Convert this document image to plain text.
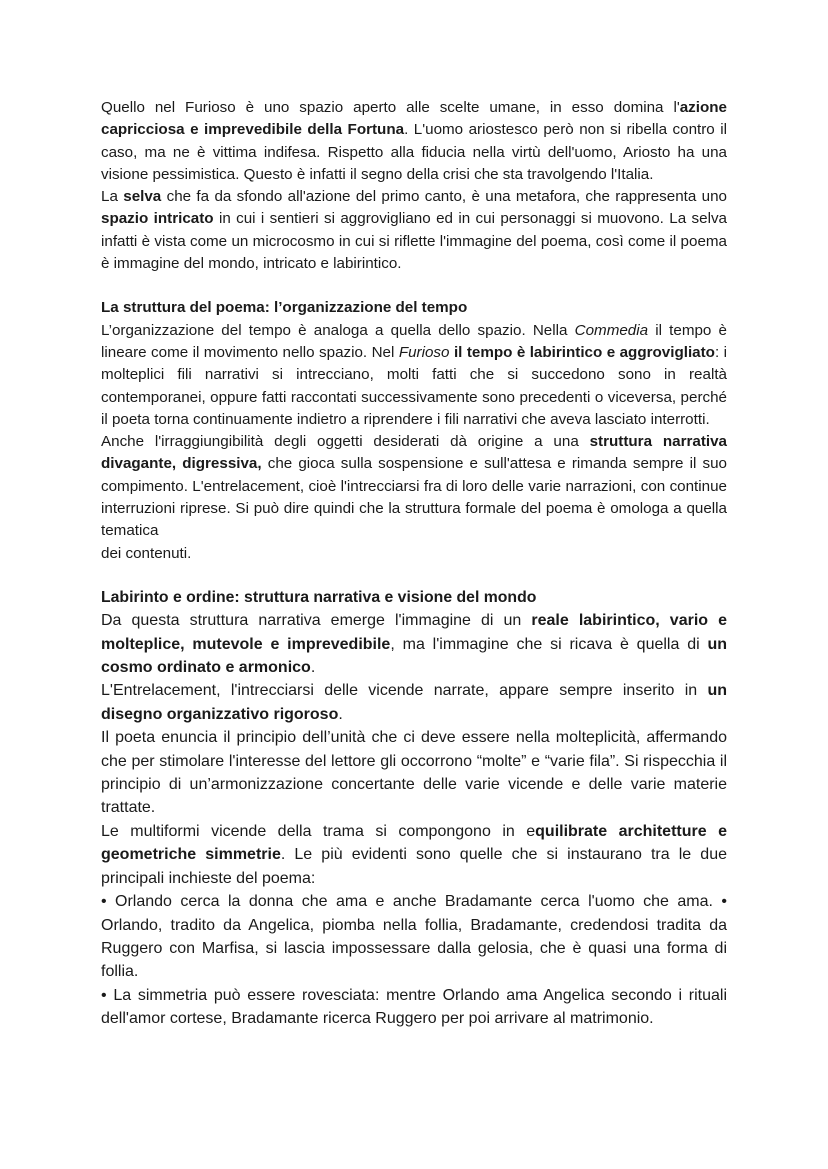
Quello nel Furioso è uno spazio aperto alle scelte umane, in esso domina l'azione capricciosa e imprevedibile della Fortuna. L'uomo ariostesco però non si ribella contro il caso, ma ne è vittima indifesa. Rispetto alla fiducia nella virtù dell'uomo, Ariosto ha una visione pessimistica. Questo è infatti il segno della crisi che sta travolgendo l'Italia.

La selva che fa da sfondo all'azione del primo canto, è una metafora, che rappresenta uno spazio intricato in cui i sentieri si aggrovigliano ed in cui personaggi si muovono. La selva infatti è vista come un microcosmo in cui si riflette l'immagine del poema, così come il poema è immagine del mondo, intricato e labirintico.

La struttura del poema: l’organizzazione del tempo

L’organizzazione del tempo è analoga a quella dello spazio. Nella Commedia il tempo è lineare come il movimento nello spazio. Nel Furioso il tempo è labirintico e aggrovigliato: i molteplici fili narrativi si intrecciano, molti fatti che si succedono sono in realtà contemporanei, oppure fatti raccontati successivamente sono precedenti o viceversa, perché il poeta torna continuamente indietro a riprendere i fili narrativi che aveva lasciato interrotti.

Anche l'irraggiungibilità degli oggetti desiderati dà origine a una struttura narrativa divagante, digressiva, che gioca sulla sospensione e sull'attesa e rimanda sempre il suo compimento. L'entrelacement, cioè l'intrecciarsi fra di loro delle varie narrazioni, con continue interruzioni riprese. Si può dire quindi che la struttura formale del poema è omologa a quella tematica

dei contenuti.

Labirinto e ordine: struttura narrativa e visione del mondo

Da questa struttura narrativa emerge l'immagine di un reale labirintico, vario e molteplice, mutevole e imprevedibile, ma l'immagine che si ricava è quella di un cosmo ordinato e armonico.

L'Entrelacement, l'intrecciarsi delle vicende narrate, appare sempre inserito in un disegno organizzativo rigoroso.

Il poeta enuncia il principio dell’unità che ci deve essere nella molteplicità, affermando che per stimolare l'interesse del lettore gli occorrono “molte” e “varie fila”. Si rispecchia il principio di un’armonizzazione concertante delle varie vicende e delle varie materie trattate.

Le multiformi vicende della trama si compongono in equilibrate architetture e geometriche simmetrie. Le più evidenti sono quelle che si instaurano tra le due principali inchieste del poema:

• Orlando cerca la donna che ama e anche Bradamante cerca l'uomo che ama. • Orlando, tradito da Angelica, piomba nella follia, Bradamante, credendosi tradita da Ruggero con Marfisa, si lascia impossessare dalla gelosia, che è quasi una forma di follia.

• La simmetria può essere rovesciata: mentre Orlando ama Angelica secondo i rituali dell'amor cortese, Bradamante ricerca Ruggero per poi arrivare al matrimonio.
